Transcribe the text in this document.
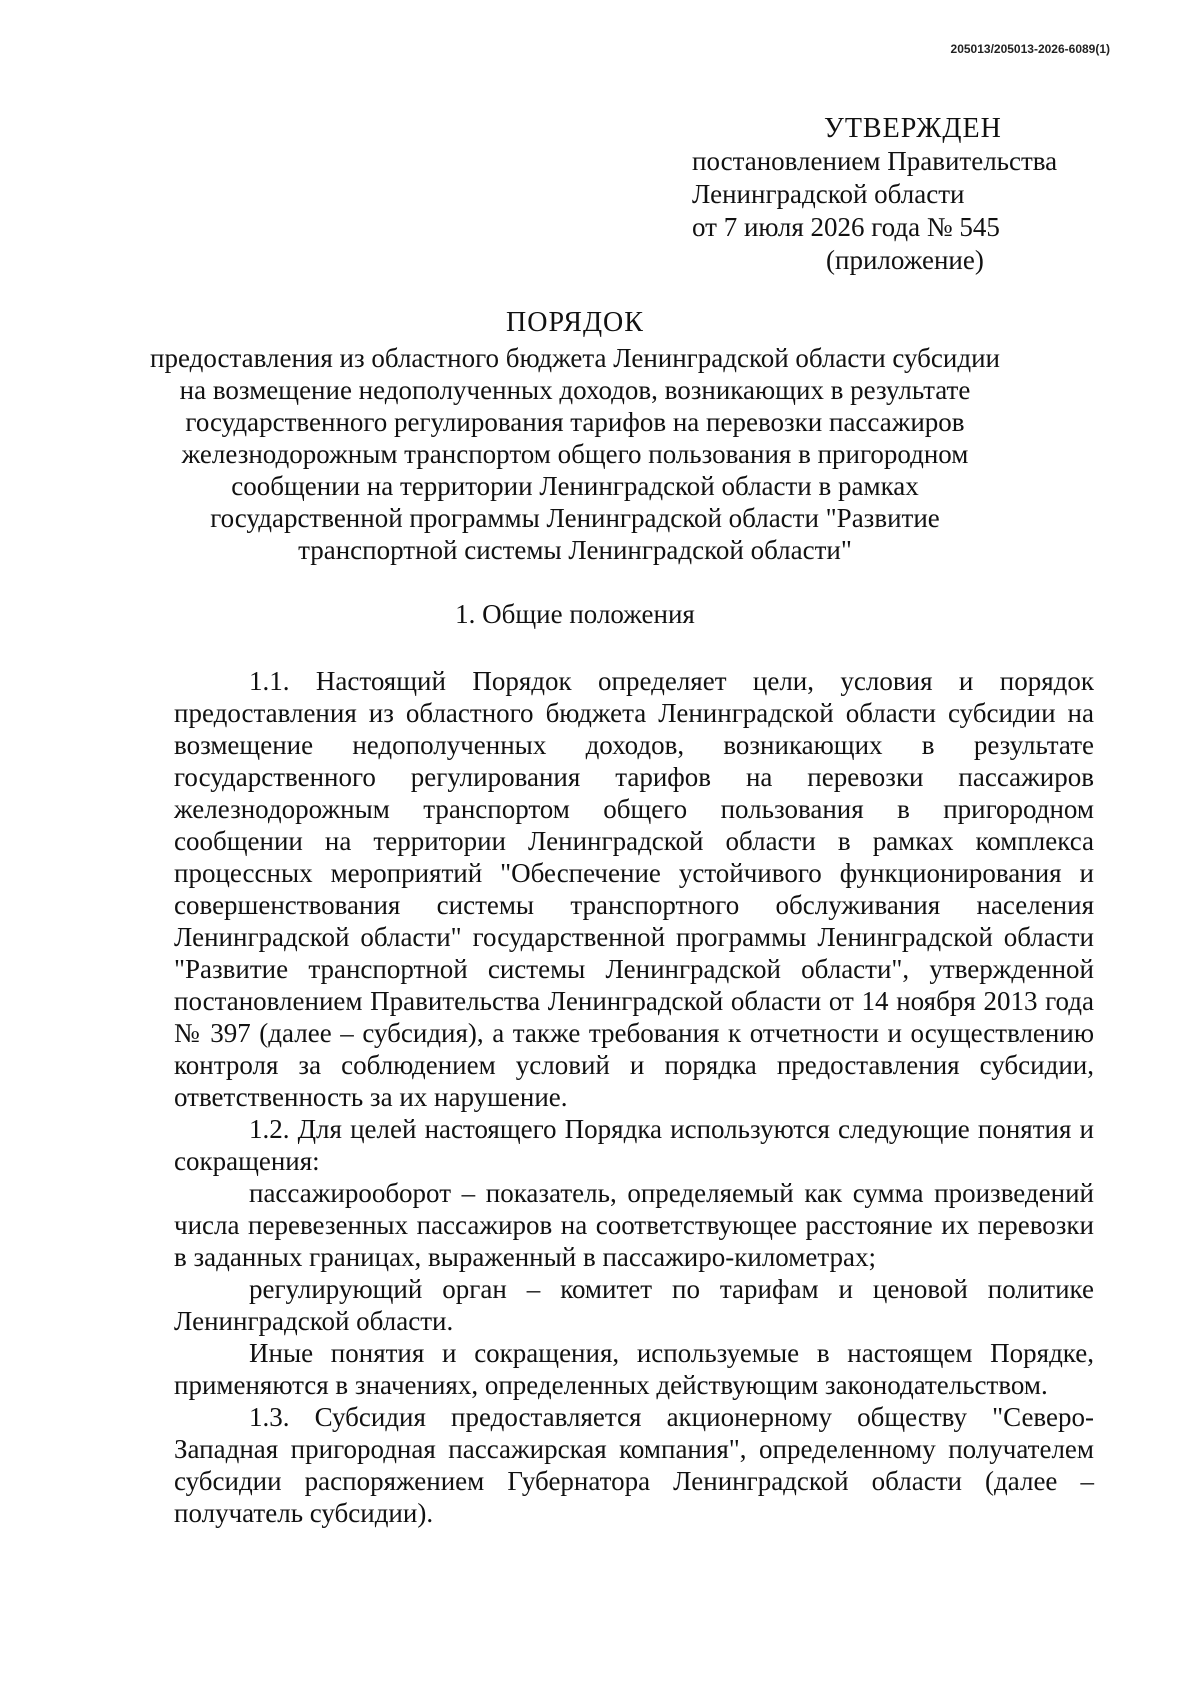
205013/205013-2026-6089(1)
УТВЕРЖДЕН
постановлением Правительства
Ленинградской области
от 7 июля 2026 года № 545
(приложение)
ПОРЯДОК
предоставления из областного бюджета Ленинградской области субсидии на возмещение недополученных доходов, возникающих в результате государственного регулирования тарифов на перевозки пассажиров железнодорожным транспортом общего пользования в пригородном сообщении на территории Ленинградской области в рамках государственной программы Ленинградской области "Развитие транспортной системы Ленинградской области"
1. Общие положения

1.1. Настоящий Порядок определяет цели, условия и порядок предоставления из областного бюджета Ленинградской области субсидии на возмещение недополученных доходов, возникающих в результате государственного регулирования тарифов на перевозки пассажиров железнодорожным транспортом общего пользования в пригородном сообщении на территории Ленинградской области в рамках комплекса процессных мероприятий "Обеспечение устойчивого функционирования и совершенствования системы транспортного обслуживания населения Ленинградской области" государственной программы Ленинградской области "Развитие транспортной системы Ленинградской области", утвержденной постановлением Правительства Ленинградской области от 14 ноября 2013 года № 397 (далее – субсидия), а также требования к отчетности и осуществлению контроля за соблюдением условий и порядка предоставления субсидии, ответственность за их нарушение.

1.2. Для целей настоящего Порядка используются следующие понятия и сокращения:

пассажирооборот – показатель, определяемый как сумма произведений числа перевезенных пассажиров на соответствующее расстояние их перевозки в заданных границах, выраженный в пассажиро-километрах;

регулирующий орган – комитет по тарифам и ценовой политике Ленинградской области.

Иные понятия и сокращения, используемые в настоящем Порядке, применяются в значениях, определенных действующим законодательством.

1.3. Субсидия предоставляется акционерному обществу "Северо-Западная пригородная пассажирская компания", определенному получателем субсидии распоряжением Губернатора Ленинградской области (далее – получатель субсидии).
